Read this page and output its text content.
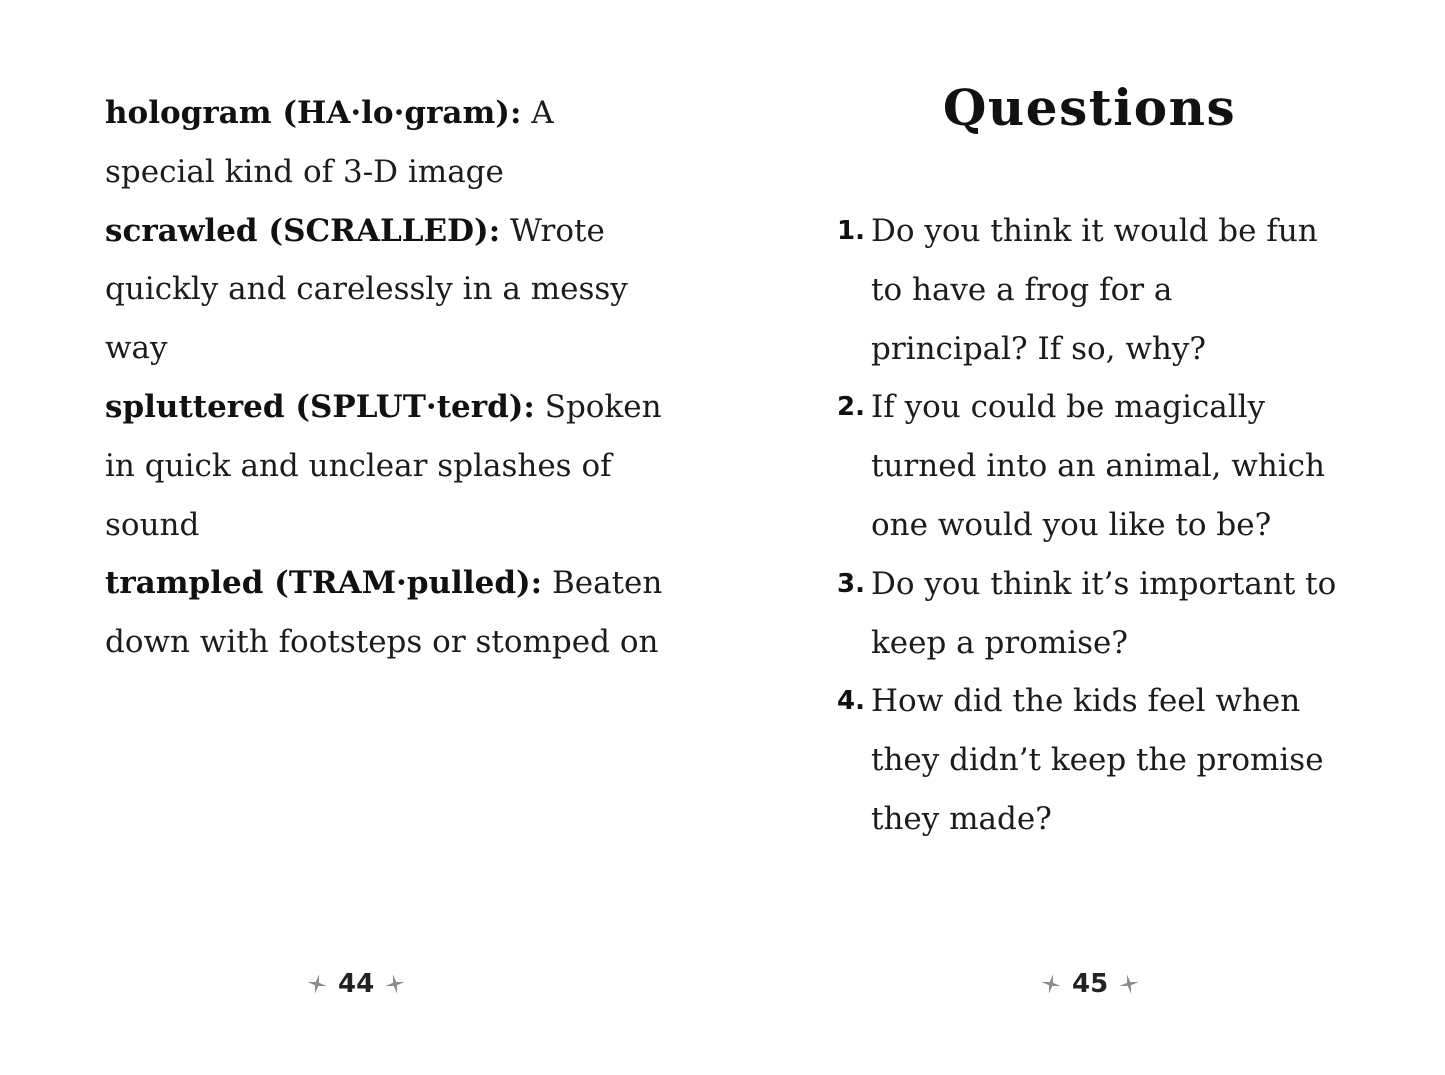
hologram (HA·lo·gram): A special kind of 3-D image
scrawled (SCRALLED): Wrote quickly and carelessly in a messy way
spluttered (SPLUT·terd): Spoken in quick and unclear splashes of sound
trampled (TRAM·pulled): Beaten down with footsteps or stomped on
44
Questions
1. Do you think it would be fun to have a frog for a principal? If so, why?
2. If you could be magically turned into an animal, which one would you like to be?
3. Do you think it’s important to keep a promise?
4. How did the kids feel when they didn’t keep the promise they made?
45
